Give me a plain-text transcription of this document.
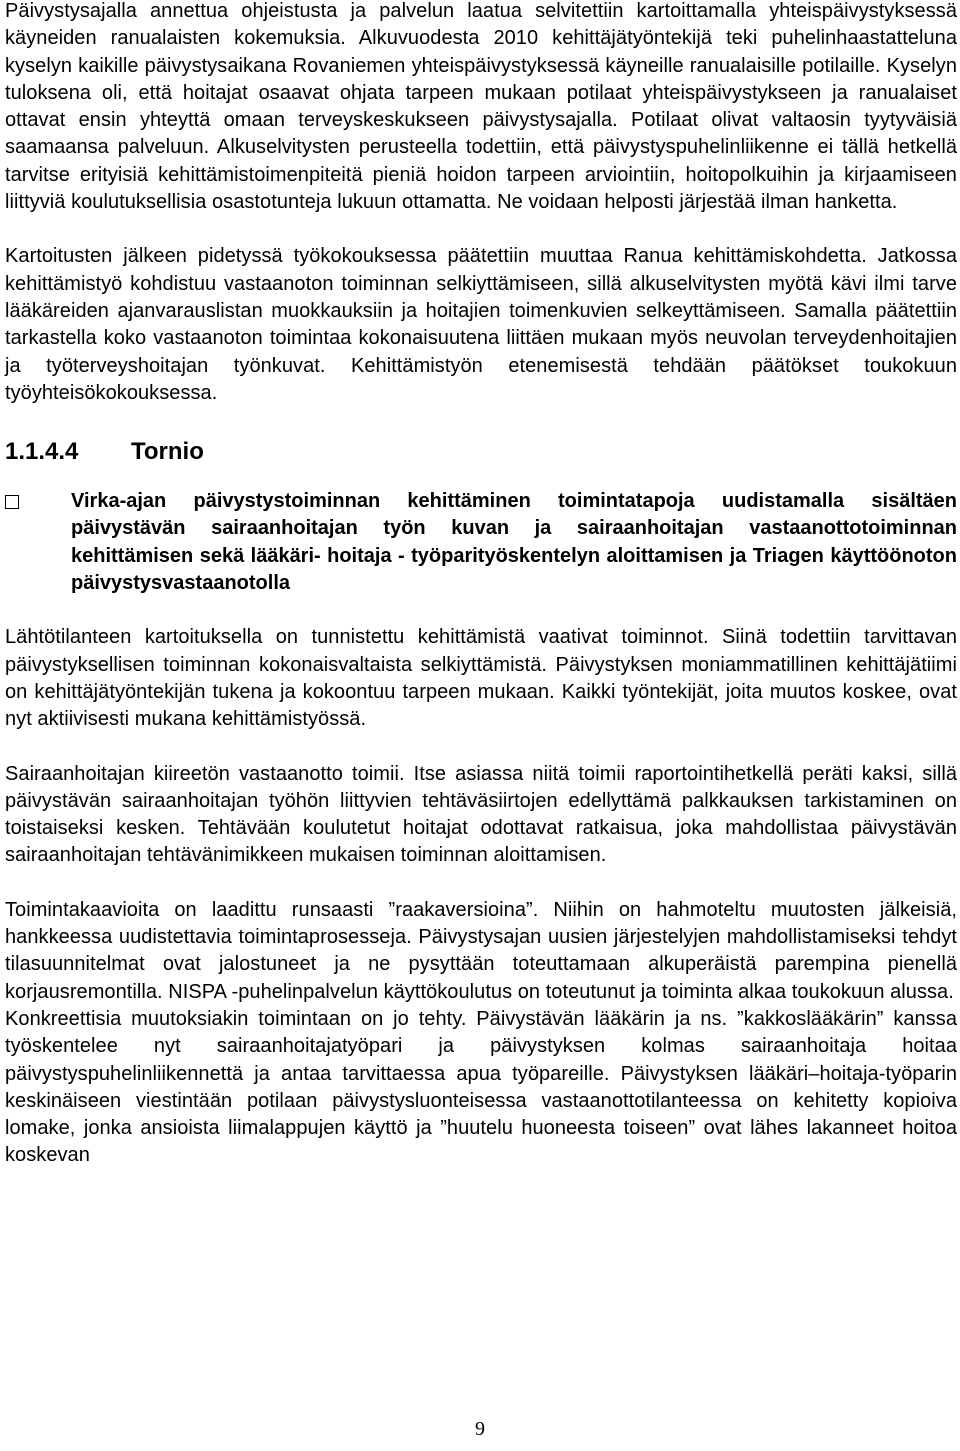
Päivystysajalla annettua ohjeistusta ja palvelun laatua selvitettiin kartoittamalla yhteispäivystyksessä käyneiden ranualaisten kokemuksia. Alkuvuodesta 2010 kehittäjätyöntekijä teki puhelinhaastatteluna kyselyn kaikille päivystysaikana Rovaniemen yhteispäivystyksessä käyneille ranualaisille potilaille. Kyselyn tuloksena oli, että hoitajat osaavat ohjata tarpeen mukaan potilaat yhteispäivystykseen ja ranualaiset ottavat ensin yhteyttä omaan terveyskeskukseen päivystysajalla. Potilaat olivat valtaosin tyytyväisiä saamaansa palveluun. Alkuselvitysten perusteella todettiin, että päivystyspuhelinliikenne ei tällä hetkellä tarvitse erityisiä kehittämistoimenpiteitä pieniä hoidon tarpeen arviointiin, hoitopolkuihin ja kirjaamiseen liittyviä koulutuksellisia osastotunteja lukuun ottamatta. Ne voidaan helposti järjestää ilman hanketta.

Kartoitusten jälkeen pidetyssä työkokouksessa päätettiin muuttaa Ranua kehittämiskohdetta. Jatkossa kehittämistyö kohdistuu vastaanoton toiminnan selkiyttämiseen, sillä alkuselvitysten myötä kävi ilmi tarve lääkäreiden ajanvarauslistan muokkauksiin ja hoitajien toimenkuvien selkeyttämiseen. Samalla päätettiin tarkastella koko vastaanoton toimintaa kokonaisuutena liittäen mukaan myös neuvolan terveydenhoitajien ja työterveyshoitajan työnkuvat. Kehittämistyön etenemisestä tehdään päätökset toukokuun työyhteisökokouksessa.

1.1.4.4	Tornio
Virka-ajan päivystystoiminnan kehittäminen toimintatapoja uudistamalla sisältäen päivystävän sairaanhoitajan työn kuvan ja sairaanhoitajan vastaanottotoiminnan kehittämisen sekä lääkäri- hoitaja - työparityöskentelyn aloittamisen ja Triagen käyttöönoton päivystysvastaanotolla

Lähtötilanteen kartoituksella on tunnistettu kehittämistä vaativat toiminnot. Siinä todettiin tarvittavan päivystyksellisen toiminnan kokonaisvaltaista selkiyttämistä. Päivystyksen moniammatillinen kehittäjätiimi on kehittäjätyöntekijän tukena ja kokoontuu tarpeen mukaan. Kaikki työntekijät, joita muutos koskee, ovat nyt aktiivisesti mukana kehittämistyössä.

Sairaanhoitajan kiireetön vastaanotto toimii. Itse asiassa niitä toimii raportointihetkellä peräti kaksi, sillä päivystävän sairaanhoitajan työhön liittyvien tehtäväsiirtojen edellyttämä palkkauksen tarkistaminen on toistaiseksi kesken. Tehtävään koulutetut hoitajat odottavat ratkaisua, joka mahdollistaa päivystävän sairaanhoitajan tehtävänimikkeen mukaisen toiminnan aloittamisen.

Toimintakaavioita on laadittu runsaasti ”raakaversioina”. Niihin on hahmoteltu muutosten jälkeisiä, hankkeessa uudistettavia toimintaprosesseja. Päivystysajan uusien järjestelyjen mahdollistamiseksi tehdyt tilasuunnitelmat ovat jalostuneet ja ne pysyttään toteuttamaan alkuperäistä parempina pienellä korjausremontilla. NISPA -puhelinpalvelun käyttökoulutus on toteutunut ja toiminta alkaa toukokuun alussa.

Konkreettisia muutoksiakin toimintaan on jo tehty. Päivystävän lääkärin ja ns. ”kakkoslääkärin” kanssa työskentelee nyt sairaanhoitajatyöpari ja päivystyksen kolmas sairaanhoitaja hoitaa päivystyspuhelinliikennettä ja antaa tarvittaessa apua työpareille. Päivystyksen lääkäri–hoitaja-työparin keskinäiseen viestintään potilaan päivystysluonteisessa vastaanottotilanteessa on kehitetty kopioiva lomake, jonka ansioista liimalappujen käyttö ja ”huutelu huoneesta toiseen” ovat lähes lakanneet hoitoa koskevan

9
